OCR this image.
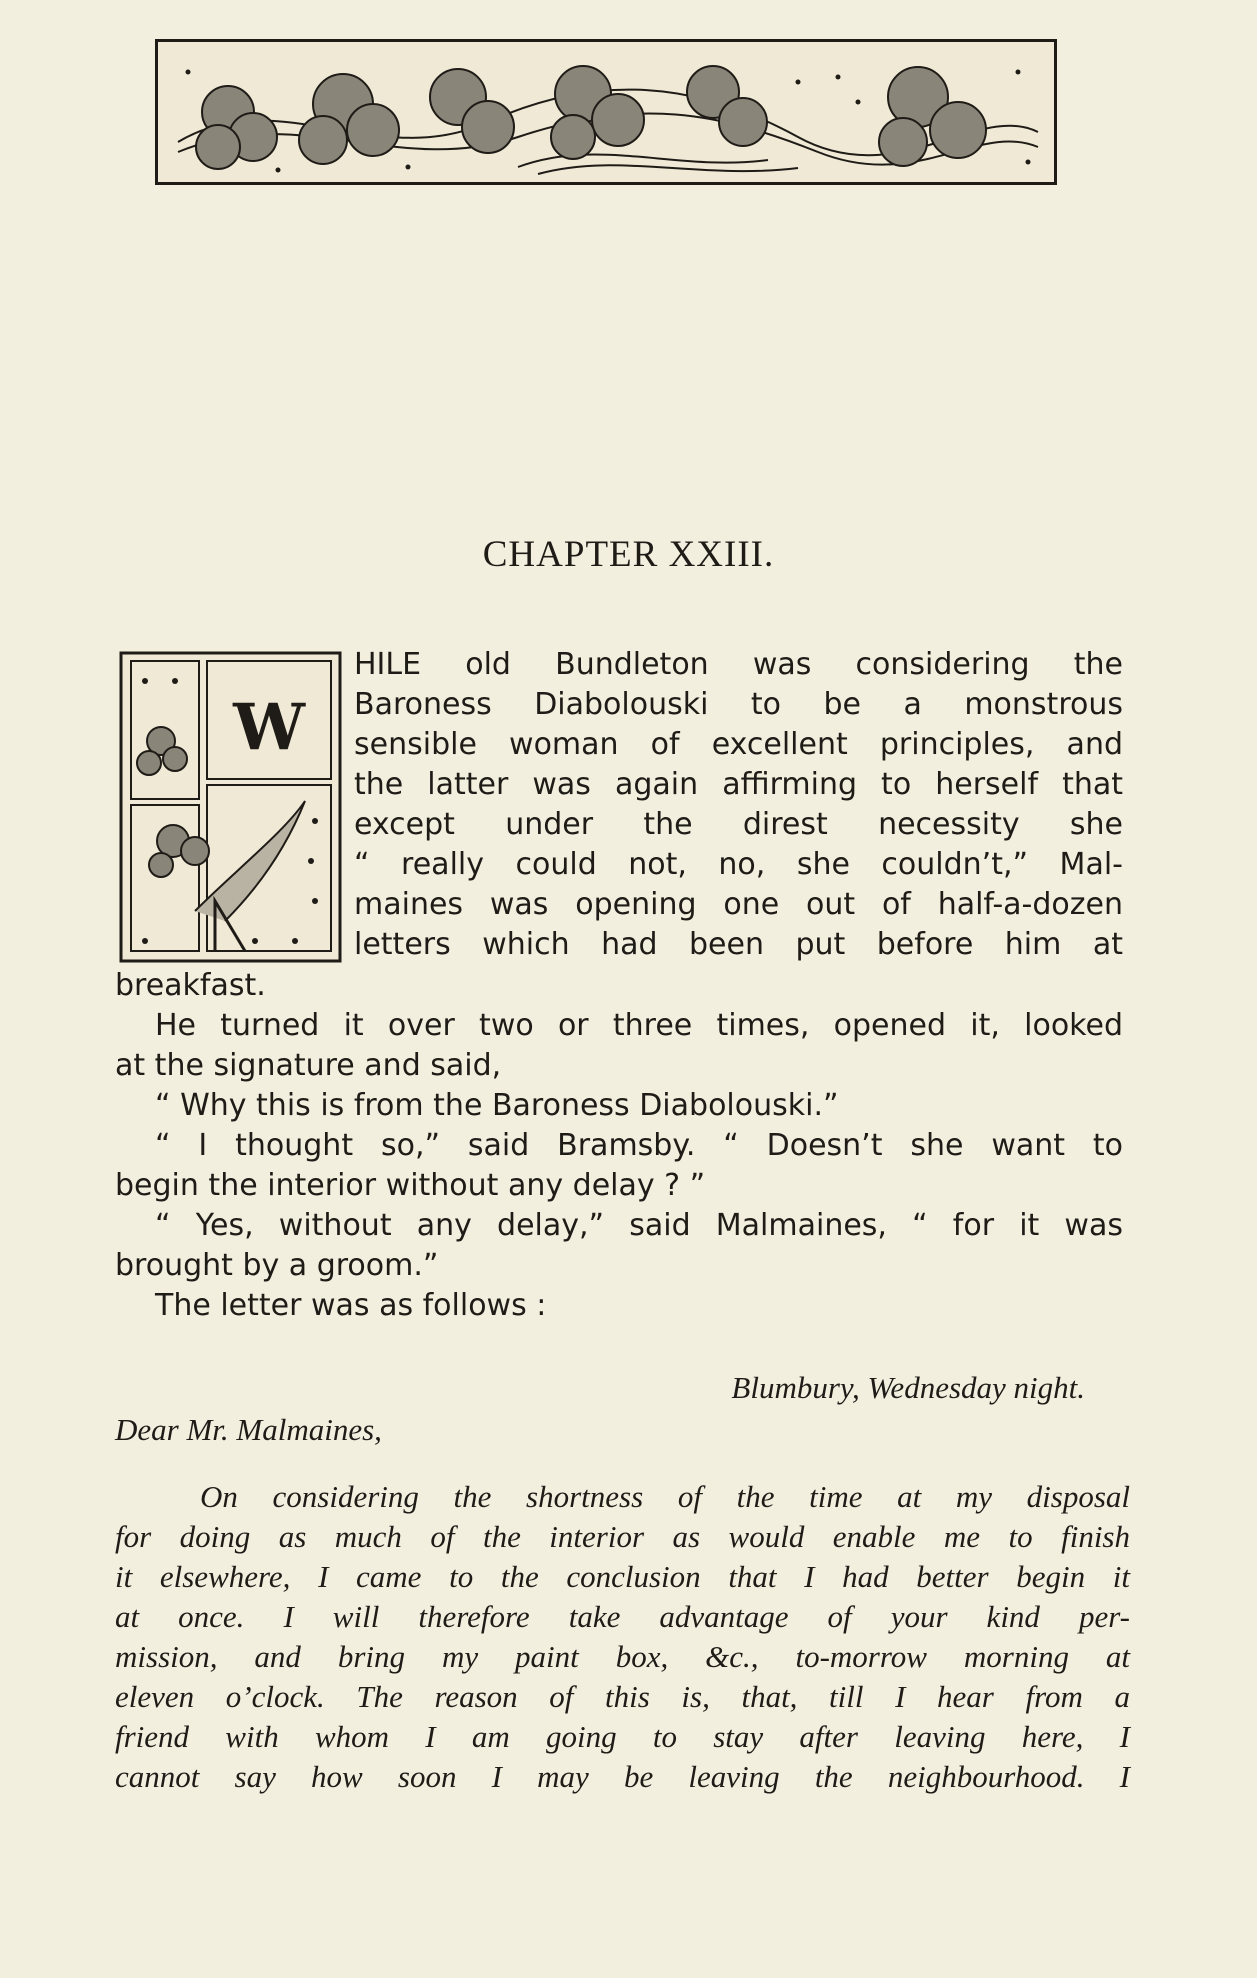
CHAPTER XXIII.
W

HILE old Bundleton was considering the

Baroness Diabolouski to be a monstrous

sensible woman of excellent principles, and

the latter was again affirming to herself that

except under the direst necessity she

“ really could not, no, she couldn’t,” Mal-

maines was opening one out of half-a-dozen

letters which had been put before him at

breakfast.

He turned it over two or three times, opened it, looked

at the signature and said,

“ Why this is from the Baroness Diabolouski.”

“ I thought so,” said Bramsby. “ Doesn’t she want to

begin the interior without any delay ? ”

“ Yes, without any delay,” said Malmaines, “ for it was

brought by a groom.”

The letter was as follows :

Blumbury, Wednesday night.

Dear Mr. Malmaines,

On considering the shortness of the time at my disposal

for doing as much of the interior as would enable me to finish

it elsewhere, I came to the conclusion that I had better begin it

at once. I will therefore take advantage of your kind per-

mission, and bring my paint box, &c., to-morrow morning at

eleven o’clock. The reason of this is, that, till I hear from a

friend with whom I am going to stay after leaving here, I

cannot say how soon I may be leaving the neighbourhood. I
